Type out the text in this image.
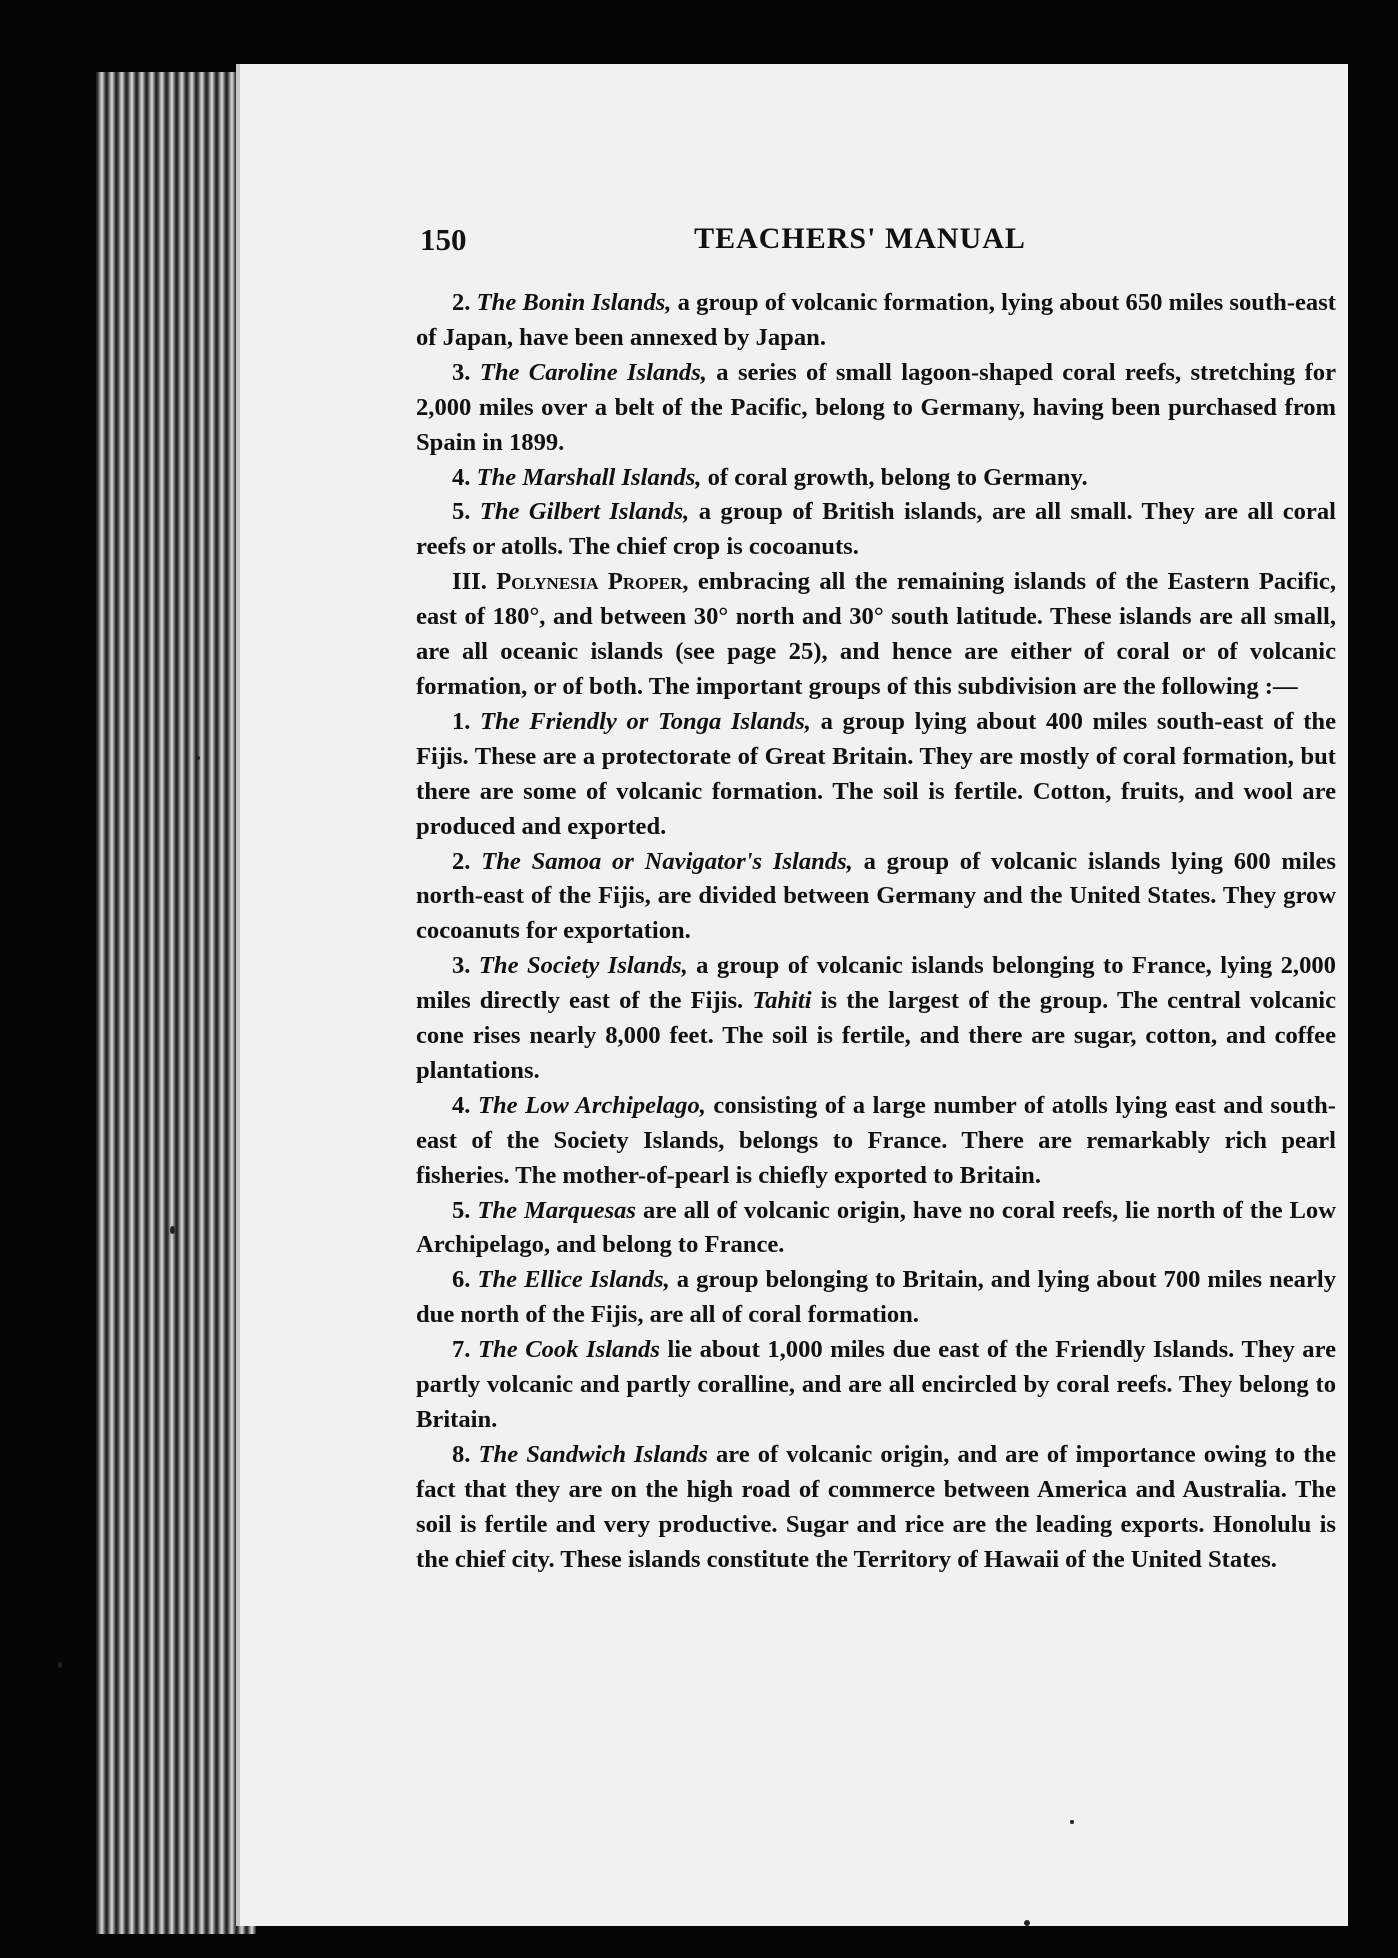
150	TEACHERS' MANUAL

2. The Bonin Islands, a group of volcanic formation, lying about 650 miles south-east of Japan, have been annexed by Japan.

3. The Caroline Islands, a series of small lagoon-shaped coral reefs, stretching for 2,000 miles over a belt of the Pacific, belong to Germany, having been purchased from Spain in 1899.

4. The Marshall Islands, of coral growth, belong to Germany.

5. The Gilbert Islands, a group of British islands, are all small. They are all coral reefs or atolls. The chief crop is cocoanuts.

III. Polynesia Proper, embracing all the remaining islands of the Eastern Pacific, east of 180°, and between 30° north and 30° south latitude. These islands are all small, are all oceanic islands (see page 25), and hence are either of coral or of volcanic formation, or of both. The important groups of this subdivision are the following :—

1. The Friendly or Tonga Islands, a group lying about 400 miles south-east of the Fijis. These are a protectorate of Great Britain. They are mostly of coral formation, but there are some of volcanic formation. The soil is fertile. Cotton, fruits, and wool are produced and exported.

2. The Samoa or Navigator's Islands, a group of volcanic islands lying 600 miles north-east of the Fijis, are divided between Germany and the United States. They grow cocoanuts for exportation.

3. The Society Islands, a group of volcanic islands belonging to France, lying 2,000 miles directly east of the Fijis. Tahiti is the largest of the group. The central volcanic cone rises nearly 8,000 feet. The soil is fertile, and there are sugar, cotton, and coffee plantations.

4. The Low Archipelago, consisting of a large number of atolls lying east and south-east of the Society Islands, belongs to France. There are remarkably rich pearl fisheries. The mother-of-pearl is chiefly exported to Britain.

5. The Marquesas are all of volcanic origin, have no coral reefs, lie north of the Low Archipelago, and belong to France.

6. The Ellice Islands, a group belonging to Britain, and lying about 700 miles nearly due north of the Fijis, are all of coral formation.

7. The Cook Islands lie about 1,000 miles due east of the Friendly Islands. They are partly volcanic and partly coralline, and are all encircled by coral reefs. They belong to Britain.

8. The Sandwich Islands are of volcanic origin, and are of importance owing to the fact that they are on the high road of commerce between America and Australia. The soil is fertile and very productive. Sugar and rice are the leading exports. Honolulu is the chief city. These islands constitute the Territory of Hawaii of the United States.
